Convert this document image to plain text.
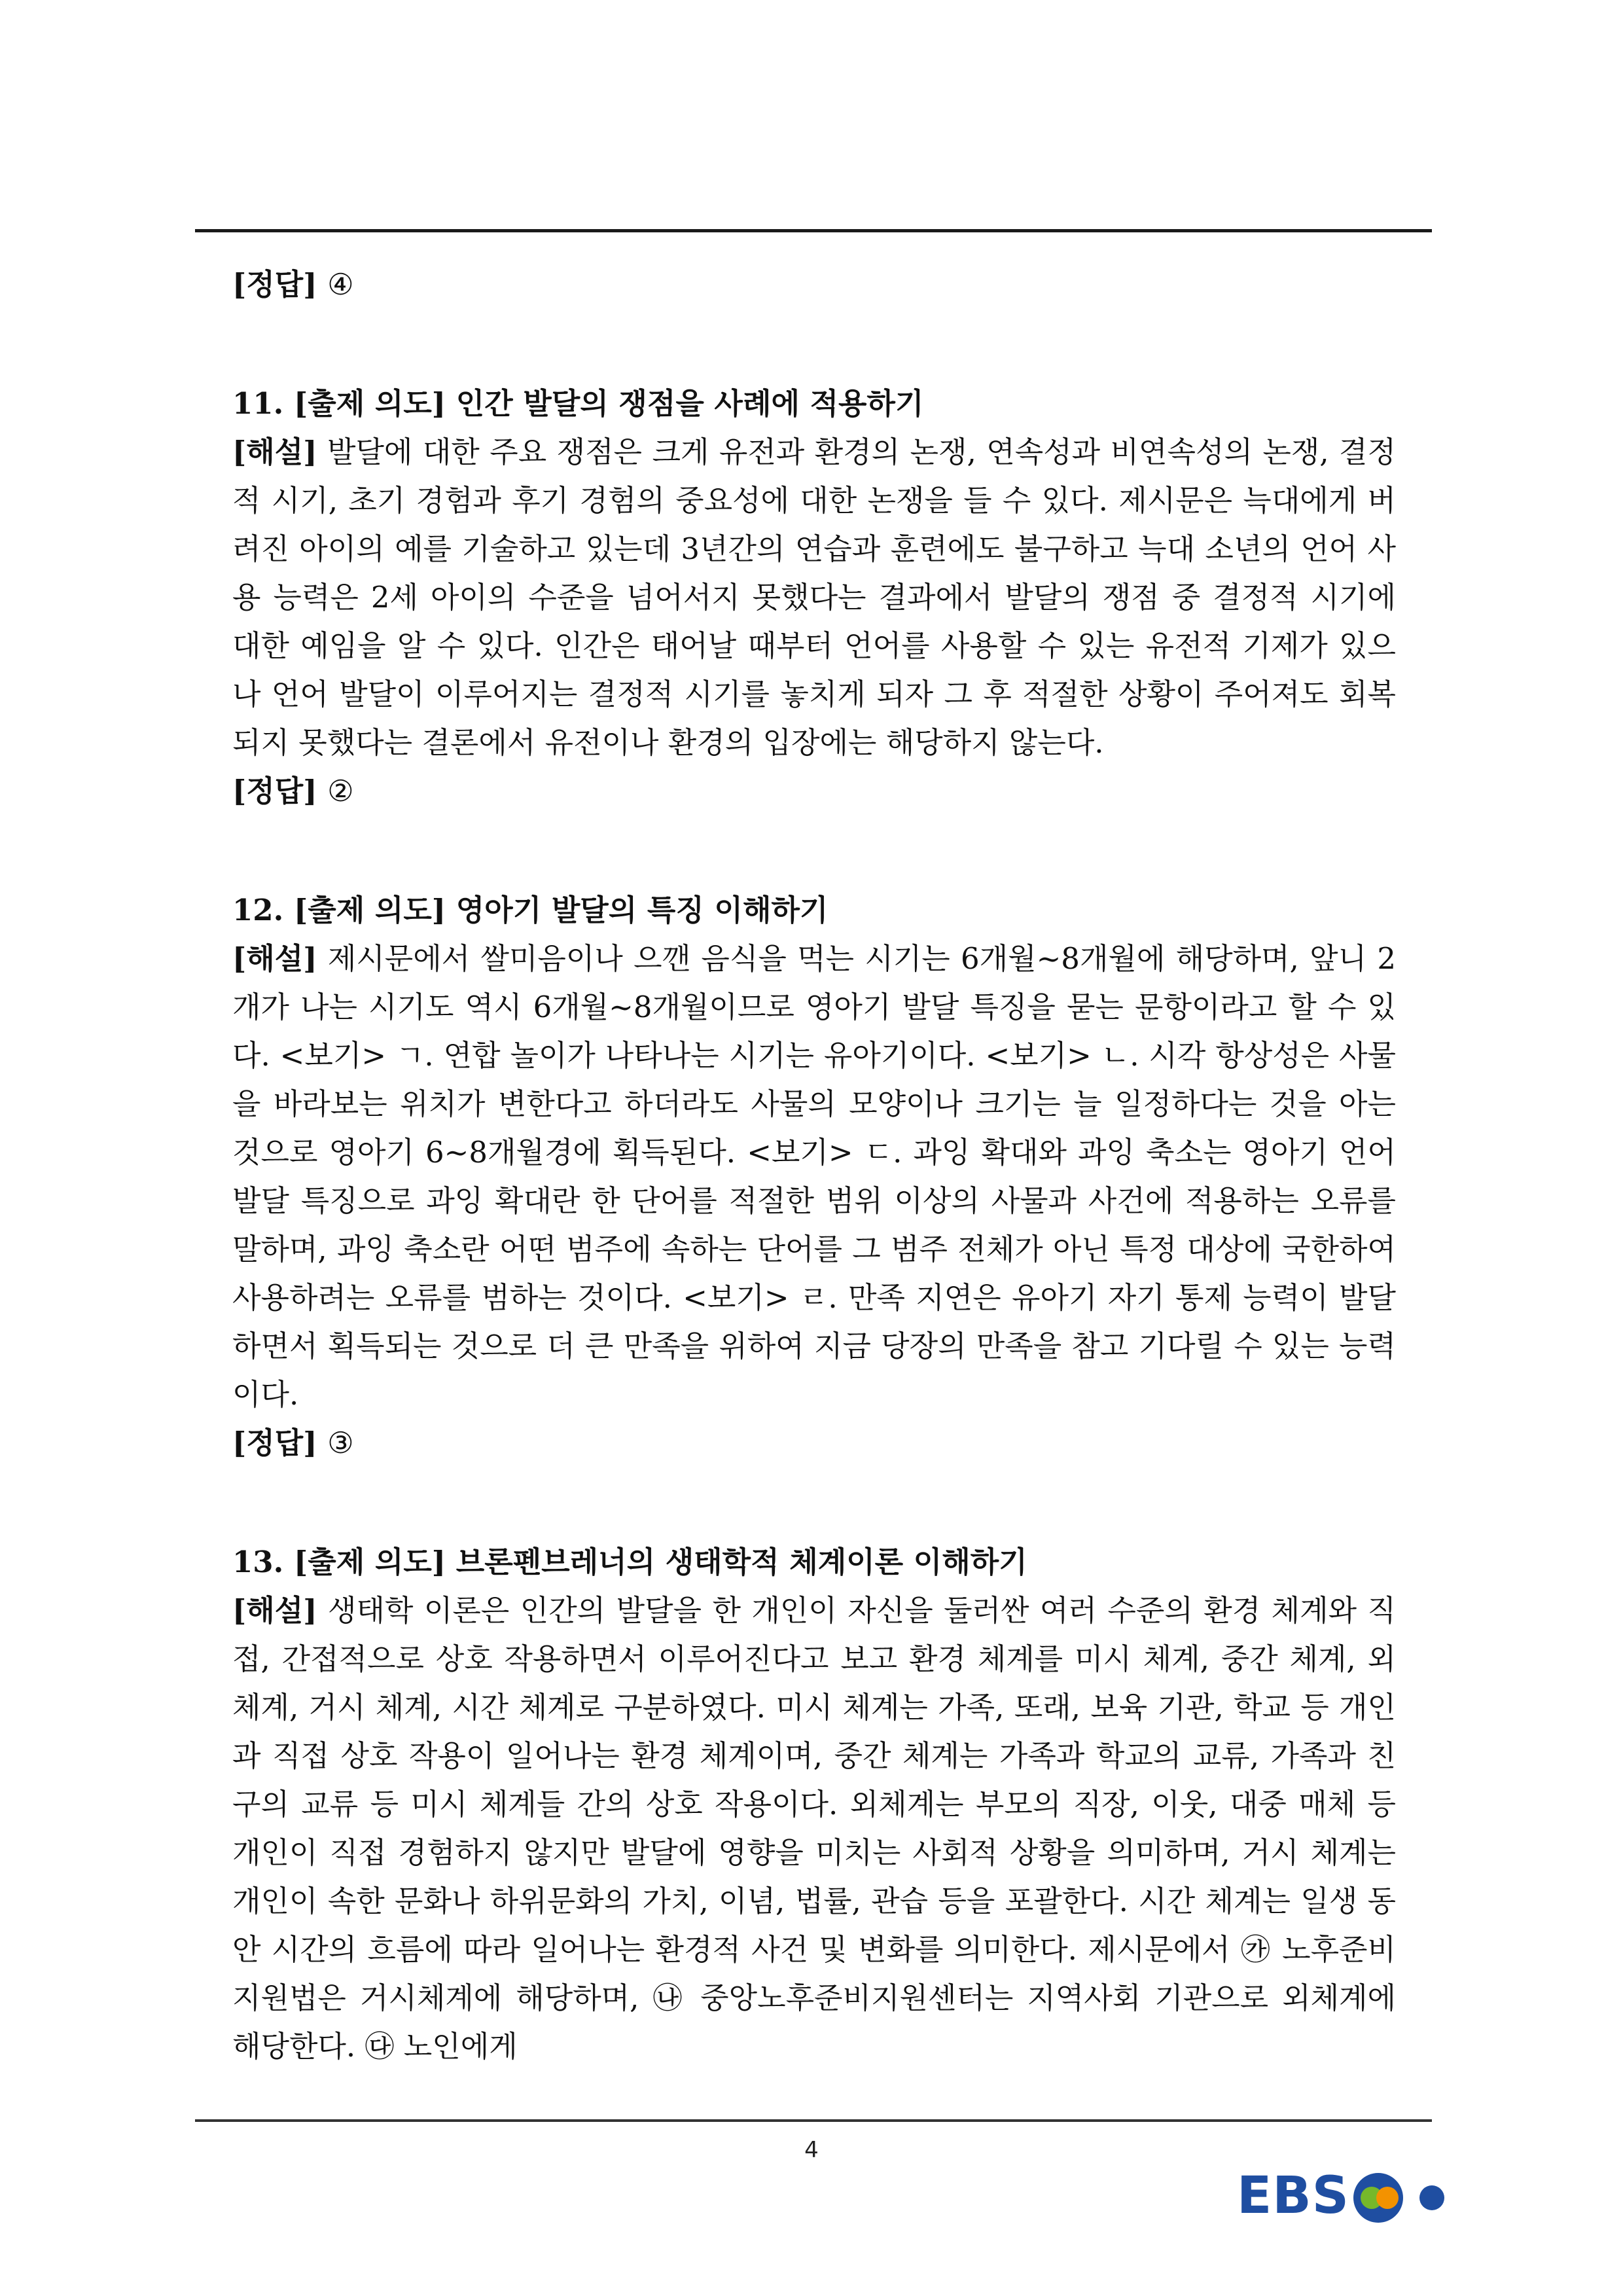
[정답] ④
11. [출제 의도] 인간 발달의 쟁점을 사례에 적용하기
[해설] 발달에 대한 주요 쟁점은 크게 유전과 환경의 논쟁, 연속성과 비연속성의 논쟁, 결정적 시기, 초기 경험과 후기 경험의 중요성에 대한 논쟁을 들 수 있다. 제시문은 늑대에게 버려진 아이의 예를 기술하고 있는데 3년간의 연습과 훈련에도 불구하고 늑대 소년의 언어 사용 능력은 2세 아이의 수준을 넘어서지 못했다는 결과에서 발달의 쟁점 중 결정적 시기에 대한 예임을 알 수 있다. 인간은 태어날 때부터 언어를 사용할 수 있는 유전적 기제가 있으나 언어 발달이 이루어지는 결정적 시기를 놓치게 되자 그 후 적절한 상황이 주어져도 회복되지 못했다는 결론에서 유전이나 환경의 입장에는 해당하지 않는다.
[정답] ②
12. [출제 의도] 영아기 발달의 특징 이해하기
[해설] 제시문에서 쌀미음이나 으깬 음식을 먹는 시기는 6개월~8개월에 해당하며, 앞니 2개가 나는 시기도 역시 6개월~8개월이므로 영아기 발달 특징을 묻는 문항이라고 할 수 있다. <보기> ㄱ. 연합 놀이가 나타나는 시기는 유아기이다. <보기> ㄴ. 시각 항상성은 사물을 바라보는 위치가 변한다고 하더라도 사물의 모양이나 크기는 늘 일정하다는 것을 아는 것으로 영아기 6~8개월경에 획득된다. <보기> ㄷ. 과잉 확대와 과잉 축소는 영아기 언어 발달 특징으로 과잉 확대란 한 단어를 적절한 범위 이상의 사물과 사건에 적용하는 오류를 말하며, 과잉 축소란 어떤 범주에 속하는 단어를 그 범주 전체가 아닌 특정 대상에 국한하여 사용하려는 오류를 범하는 것이다. <보기> ㄹ. 만족 지연은 유아기 자기 통제 능력이 발달하면서 획득되는 것으로 더 큰 만족을 위하여 지금 당장의 만족을 참고 기다릴 수 있는 능력이다.
[정답] ③
13. [출제 의도] 브론펜브레너의 생태학적 체계이론 이해하기
[해설] 생태학 이론은 인간의 발달을 한 개인이 자신을 둘러싼 여러 수준의 환경 체계와 직접, 간접적으로 상호 작용하면서 이루어진다고 보고 환경 체계를 미시 체계, 중간 체계, 외체계, 거시 체계, 시간 체계로 구분하였다. 미시 체계는 가족, 또래, 보육 기관, 학교 등 개인과 직접 상호 작용이 일어나는 환경 체계이며, 중간 체계는 가족과 학교의 교류, 가족과 친구의 교류 등 미시 체계들 간의 상호 작용이다. 외체계는 부모의 직장, 이웃, 대중 매체 등 개인이 직접 경험하지 않지만 발달에 영향을 미치는 사회적 상황을 의미하며, 거시 체계는 개인이 속한 문화나 하위문화의 가치, 이념, 법률, 관습 등을 포괄한다. 시간 체계는 일생 동안 시간의 흐름에 따라 일어나는 환경적 사건 및 변화를 의미한다. 제시문에서 ㉮ 노후준비 지원법은 거시체계에 해당하며, ㉯ 중앙노후준비지원센터는 지역사회 기관으로 외체계에 해당한다. ㉰ 노인에게
4
EBS
